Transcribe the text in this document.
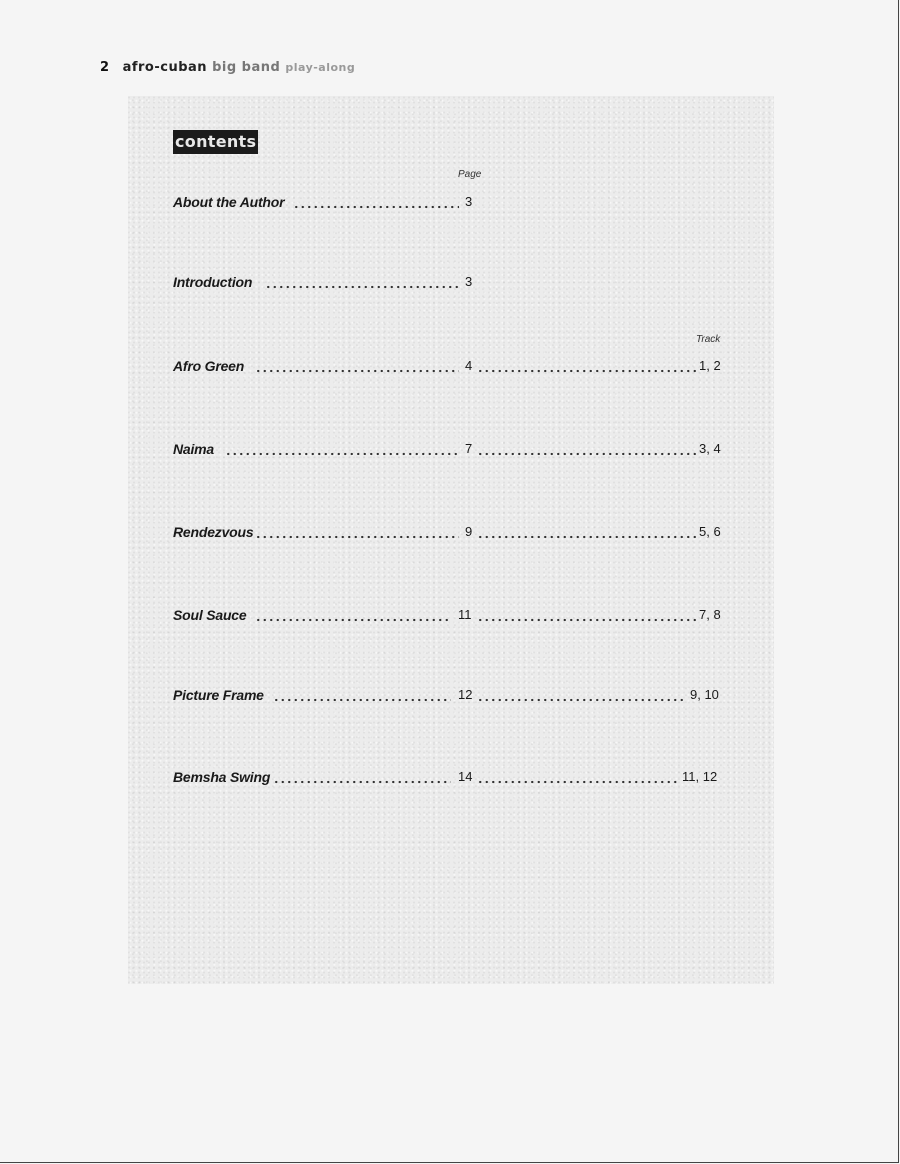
2 afro-cuban big band play-along
contents
Page
Track
About the Author	3
Introduction	3
Afro Green	4	1, 2
Naima	7	3, 4
Rendezvous	9	5, 6
Soul Sauce	11	7, 8
Picture Frame	12	9, 10
Bemsha Swing	14	11, 12
